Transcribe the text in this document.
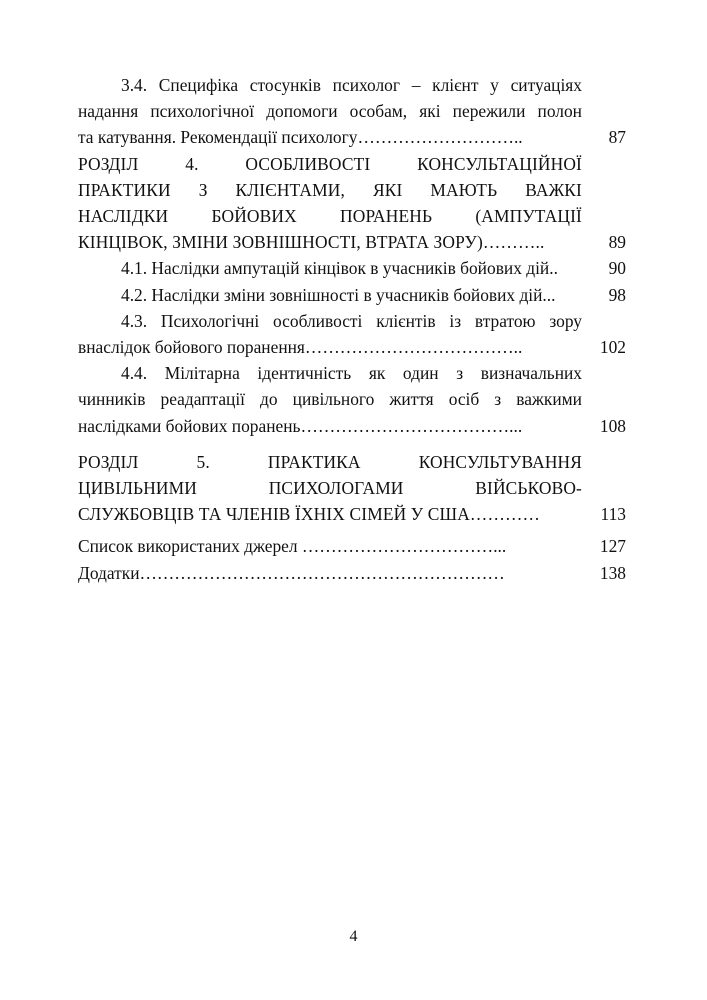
3.4. Специфіка стосунків психолог – клієнт у ситуаціях
надання психологічної допомоги особам, які пережили полон
та катування. Рекомендації психологу………………………..	87
РОЗДІЛ 4. ОСОБЛИВОСТІ КОНСУЛЬТАЦІЙНОЇ
ПРАКТИКИ З КЛІЄНТАМИ, ЯКІ МАЮТЬ ВАЖКІ
НАСЛІДКИ БОЙОВИХ ПОРАНЕНЬ (АМПУТАЦІЇ
КІНЦІВОК, ЗМІНИ ЗОВНІШНОСТІ, ВТРАТА ЗОРУ)………..	89
4.1. Наслідки ампутацій кінцівок в учасників бойових дій..	90
4.2. Наслідки зміни зовнішності в учасників бойових дій...	98
4.3. Психологічні особливості клієнтів із втратою зору
внаслідок бойового поранення………………………………..	102
4.4. Мілітарна ідентичність як один з визначальних
чинників реадаптації до цивільного життя осіб з важкими
наслідками бойових поранень………………………………...	108
РОЗДІЛ 5. ПРАКТИКА КОНСУЛЬТУВАННЯ
ЦИВІЛЬНИМИ ПСИХОЛОГАМИ ВІЙСЬКОВО-
СЛУЖБОВЦІВ ТА ЧЛЕНІВ ЇХНІХ СІМЕЙ У США…………	113
Список використаних джерел ……………………………...	127
Додатки………………………………………………………	138
4
